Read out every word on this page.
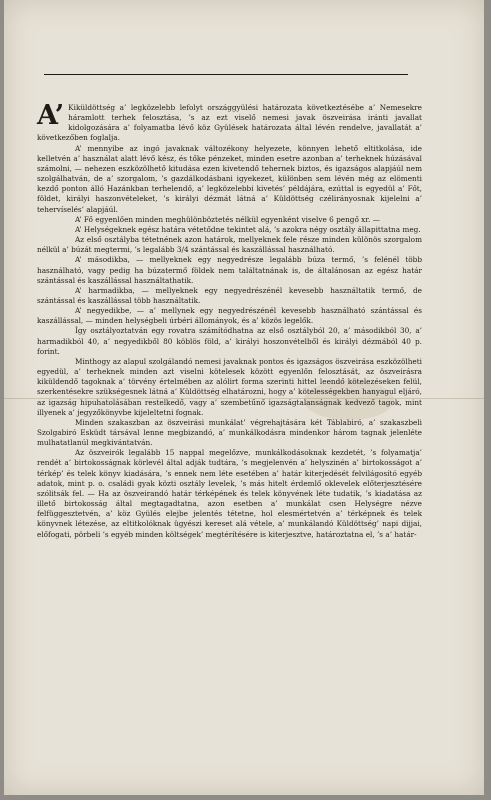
A’ Kiküldöttség a’ legközelebb lefolyt országgyülési határozata következtésébe a’ Nemesekre háramlott terhek felosztása, ’s az ezt viselő nemesi javak öszveirása iránti javallat kidolgozására a’ folyamatba lévő köz Gyülések határozata által lévén rendelve, javallatát a’ következőben foglalja.

A’ mennyibe az ingó javaknak változékony helyezete, könnyen lehető eltitkolása, ide kelletvén a’ használat alatt lévő kész, és tőke pénzeket, minden esetre azonban a’ terheknek húzásával számolni, — nehezen eszközölhető kitudása ezen kivetendő tehernek biztos, és igazságos alapjáúl nem szolgálhatván, de a’ szorgalom, ’s gazdálkodásbani igyekezet, különben sem lévén még az elömenti kezdő ponton álló Hazánkban terhelendő, a’ legközelebbi kivetés’ példájára, ezúttal is egyedül a’ Főt, földet, királyi haszonvételeket, ’s királyi dézmát látná a’ Küldöttség czélirányosnak kijelelni a’ tehervíselés’ alapjáúl.

A’ Fő egyenlően minden meghülönböztetés nélkül egyenként viselve 6 pengő xr. —

A’ Helységeknek egész határa vétetődne tekintet alá, ’s azokra négy osztály állapittatna meg.

Az első osztályba tétetnének azon határok, mellyeknek fele része minden különös szorgalom nélkül a’ búzát megtermi, ’s legalább 3/4 szántással és kaszállással használható.

A’ másodikba, — mellyeknek egy negyedrésze legalább búza termő, ’s felénél több használható, vagy pedig ha búzatermő földek nem találtatnának is, de általánosan az egész határ szántással és kaszállással használtathatik.

A’ harmadikba, — mellyeknek egy negyedrészénél kevesebb használtatik termő, de szántással és kaszállással több használtatik.

A’ negyedikbe, — a’ mellynek egy negyedrészénél kevesebb használható szántással és kaszállással, — minden helységbeli úrbéri állományok, és a’ közös legelők.

Így osztályoztatván egy rovatra számítódhatna az első osztályból 20, a’ másodikból 30, a’ harmadikból 40, a’ negyedikből 80 köblös föld, a’ királyi hoszonvételből és királyi dézmából 40 p. forint.

Minthogy az alapul szolgálandó nemesi javaknak pontos és igazságos öszveirása eszközölheti egyedül, a’ terheknek minden azt viselni kötelesek között egyenlőn felosztását, az öszveirásra kiküldendő tagoknak a’ törvény értelmében az alólirt forma szerinti hittel leendő kötelezéseken felül, szerkentésekre szükségesnek látná a’ Küldöttség elhatározni, hogy a’ kötelességekben hanyagul eljáró, az igazság hipuhatolásában restelkedő, vagy a’ szembetűnő igazságtalanságnak kedvező tagok, mint illyenek a’ jegyzőkönyvbe kijeleltetni fognak.

Minden szakaszban az öszveirási munkálat’ végrehajtására két Táblabiró, a’ szakaszbeli Szolgabiró Esküdt társával lenne megbizandó, a’ munkálkodásra mindenkor három tagnak jelenléte mulhatatlanúl megkivántatván.

Az öszveirók legalább 15 nappal megelőzve, munkálkodásoknak kezdetét, ’s folyamatja’ rendét a’ birtokosságnak körlevél által adják tudtára, ’s megjelenvén a’ helyszinén a’ birtokosságot a’ térkép’ és telek könyv kiadására, ’s ennek nem léte esetében a’ határ kiterjedését felvilágosító egyéb adatok, mint p. o. családi gyak közti osztály levelek, ’s más hitelt érdemlő oklevelek előterjesztésére szólitsák fel. — Ha az öszveirandó határ térképének és telek könyvének léte tudatik, ’s kiadatása az illető birtokosság által megtagadtatna, azon esetben a’ munkálat csen Helységre nézve felfüggesztetvén, a’ köz Gyülés elejbe jelentés tétetne, hol elesmértetvén a’ térképnek és telek könyvnek létezése, az eltitkolóknak ügyészi kereset alá vétele, a’ munkálandó Küldöttség’ napi dijjai, előfogati, pörbeli ’s egyéb minden költségek’ megtérítésére is kiterjesztve, határoztatna el, ’s a’ határ-
